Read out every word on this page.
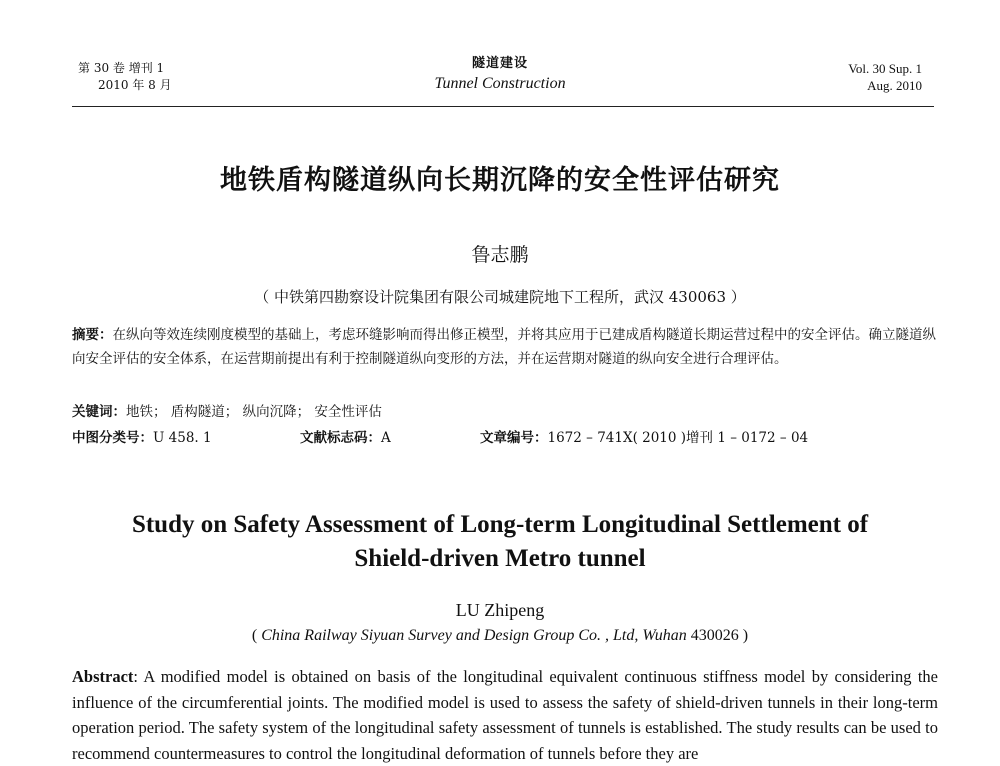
第 30 卷 增刊 1
2010 年 8 月
隧道建设
Tunnel Construction
Vol. 30 Sup. 1
Aug. 2010
地铁盾构隧道纵向长期沉降的安全性评估研究
鲁志鹏
（ 中铁第四勘察设计院集团有限公司城建院地下工程所，武汉 430063 ）
摘要：在纵向等效连续刚度模型的基础上，考虑环缝影响而得出修正模型，并将其应用于已建成盾构隧道长期运营过程中的安全评估。确立隧道纵向安全评估的安全体系，在运营期前提出有利于控制隧道纵向变形的方法，并在运营期对隧道的纵向安全进行合理评估。
关键词：地铁； 盾构隧道； 纵向沉降； 安全性评估
中图分类号：U 458. 1	文献标志码：A	文章编号：1672 – 741X( 2010 )增刊 1 – 0172 – 04
Study on Safety Assessment of Long-term Longitudinal Settlement of
Shield-driven Metro tunnel
LU Zhipeng
( China Railway Siyuan Survey and Design Group Co. , Ltd, Wuhan 430026 )
Abstract: A modified model is obtained on basis of the longitudinal equivalent continuous stiffness model by considering the influence of the circumferential joints. The modified model is used to assess the safety of shield-driven tunnels in their long-term operation period. The safety system of the longitudinal safety assessment of tunnels is established. The study results can be used to recommend countermeasures to control the longitudinal deformation of tunnels before they are
